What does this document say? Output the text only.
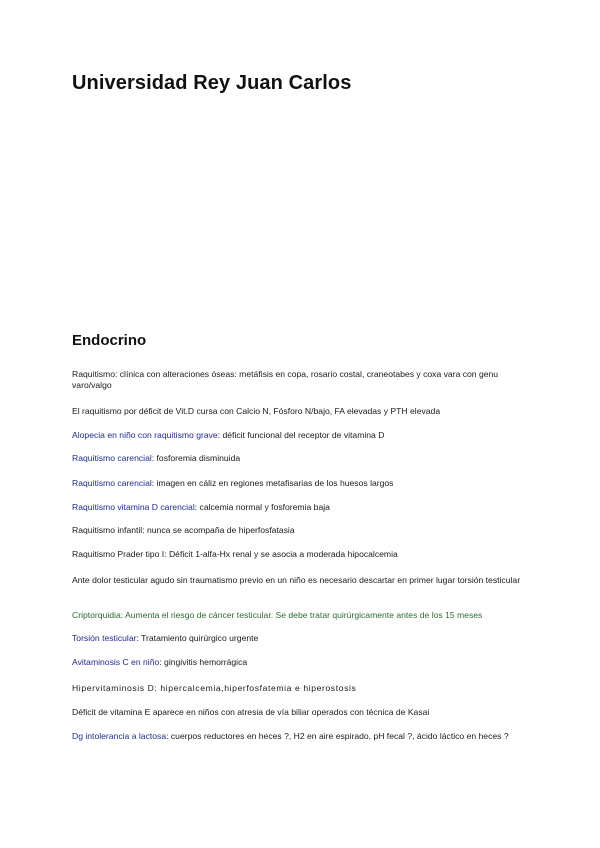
Universidad Rey Juan Carlos
Endocrino

Raquitismo: clínica con alteraciones óseas: metáfisis en copa, rosario costal, craneotabes y coxa vara con genu varo/valgo

El raquitismo por déficit de Vit.D cursa con Calcio N, Fósforo N/bajo, FA elevadas y PTH elevada

Alopecia en niño con raquitismo grave: déficit funcional del receptor de vitamina D

Raquitismo carencial: fosforemia disminuida

Raquitismo carencial: imagen en cáliz en regiones metafisarias de los huesos largos

Raquitismo vitamina D carencial: calcemia normal y fosforemia baja

Raquitismo infantil: nunca se acompaña de hiperfosfatasia

Raquitismo Prader tipo I: Déficit 1-alfa-Hx renal y se asocia a moderada hipocalcemia

Ante dolor testicular agudo sin traumatismo previo en un niño es necesario descartar en primer lugar torsión testicular

Criptorquidia: Aumenta el riesgo de cáncer testicular. Se debe tratar quirúrgicamente antes de los 15 meses

Torsión testicular: Tratamiento quirúrgico urgente

Avitaminosis C en niño: gingivitis hemorrágica

Hipervitaminosis D: hipercalcemia,hiperfosfatemia e hiperostosis

Déficit de vitamina E aparece en niños con atresia de vía biliar operados con técnica de Kasai

Dg intolerancia a lactosa: cuerpos reductores en heces ?, H2 en aire espirado, pH fecal ?, ácido láctico en heces ?
